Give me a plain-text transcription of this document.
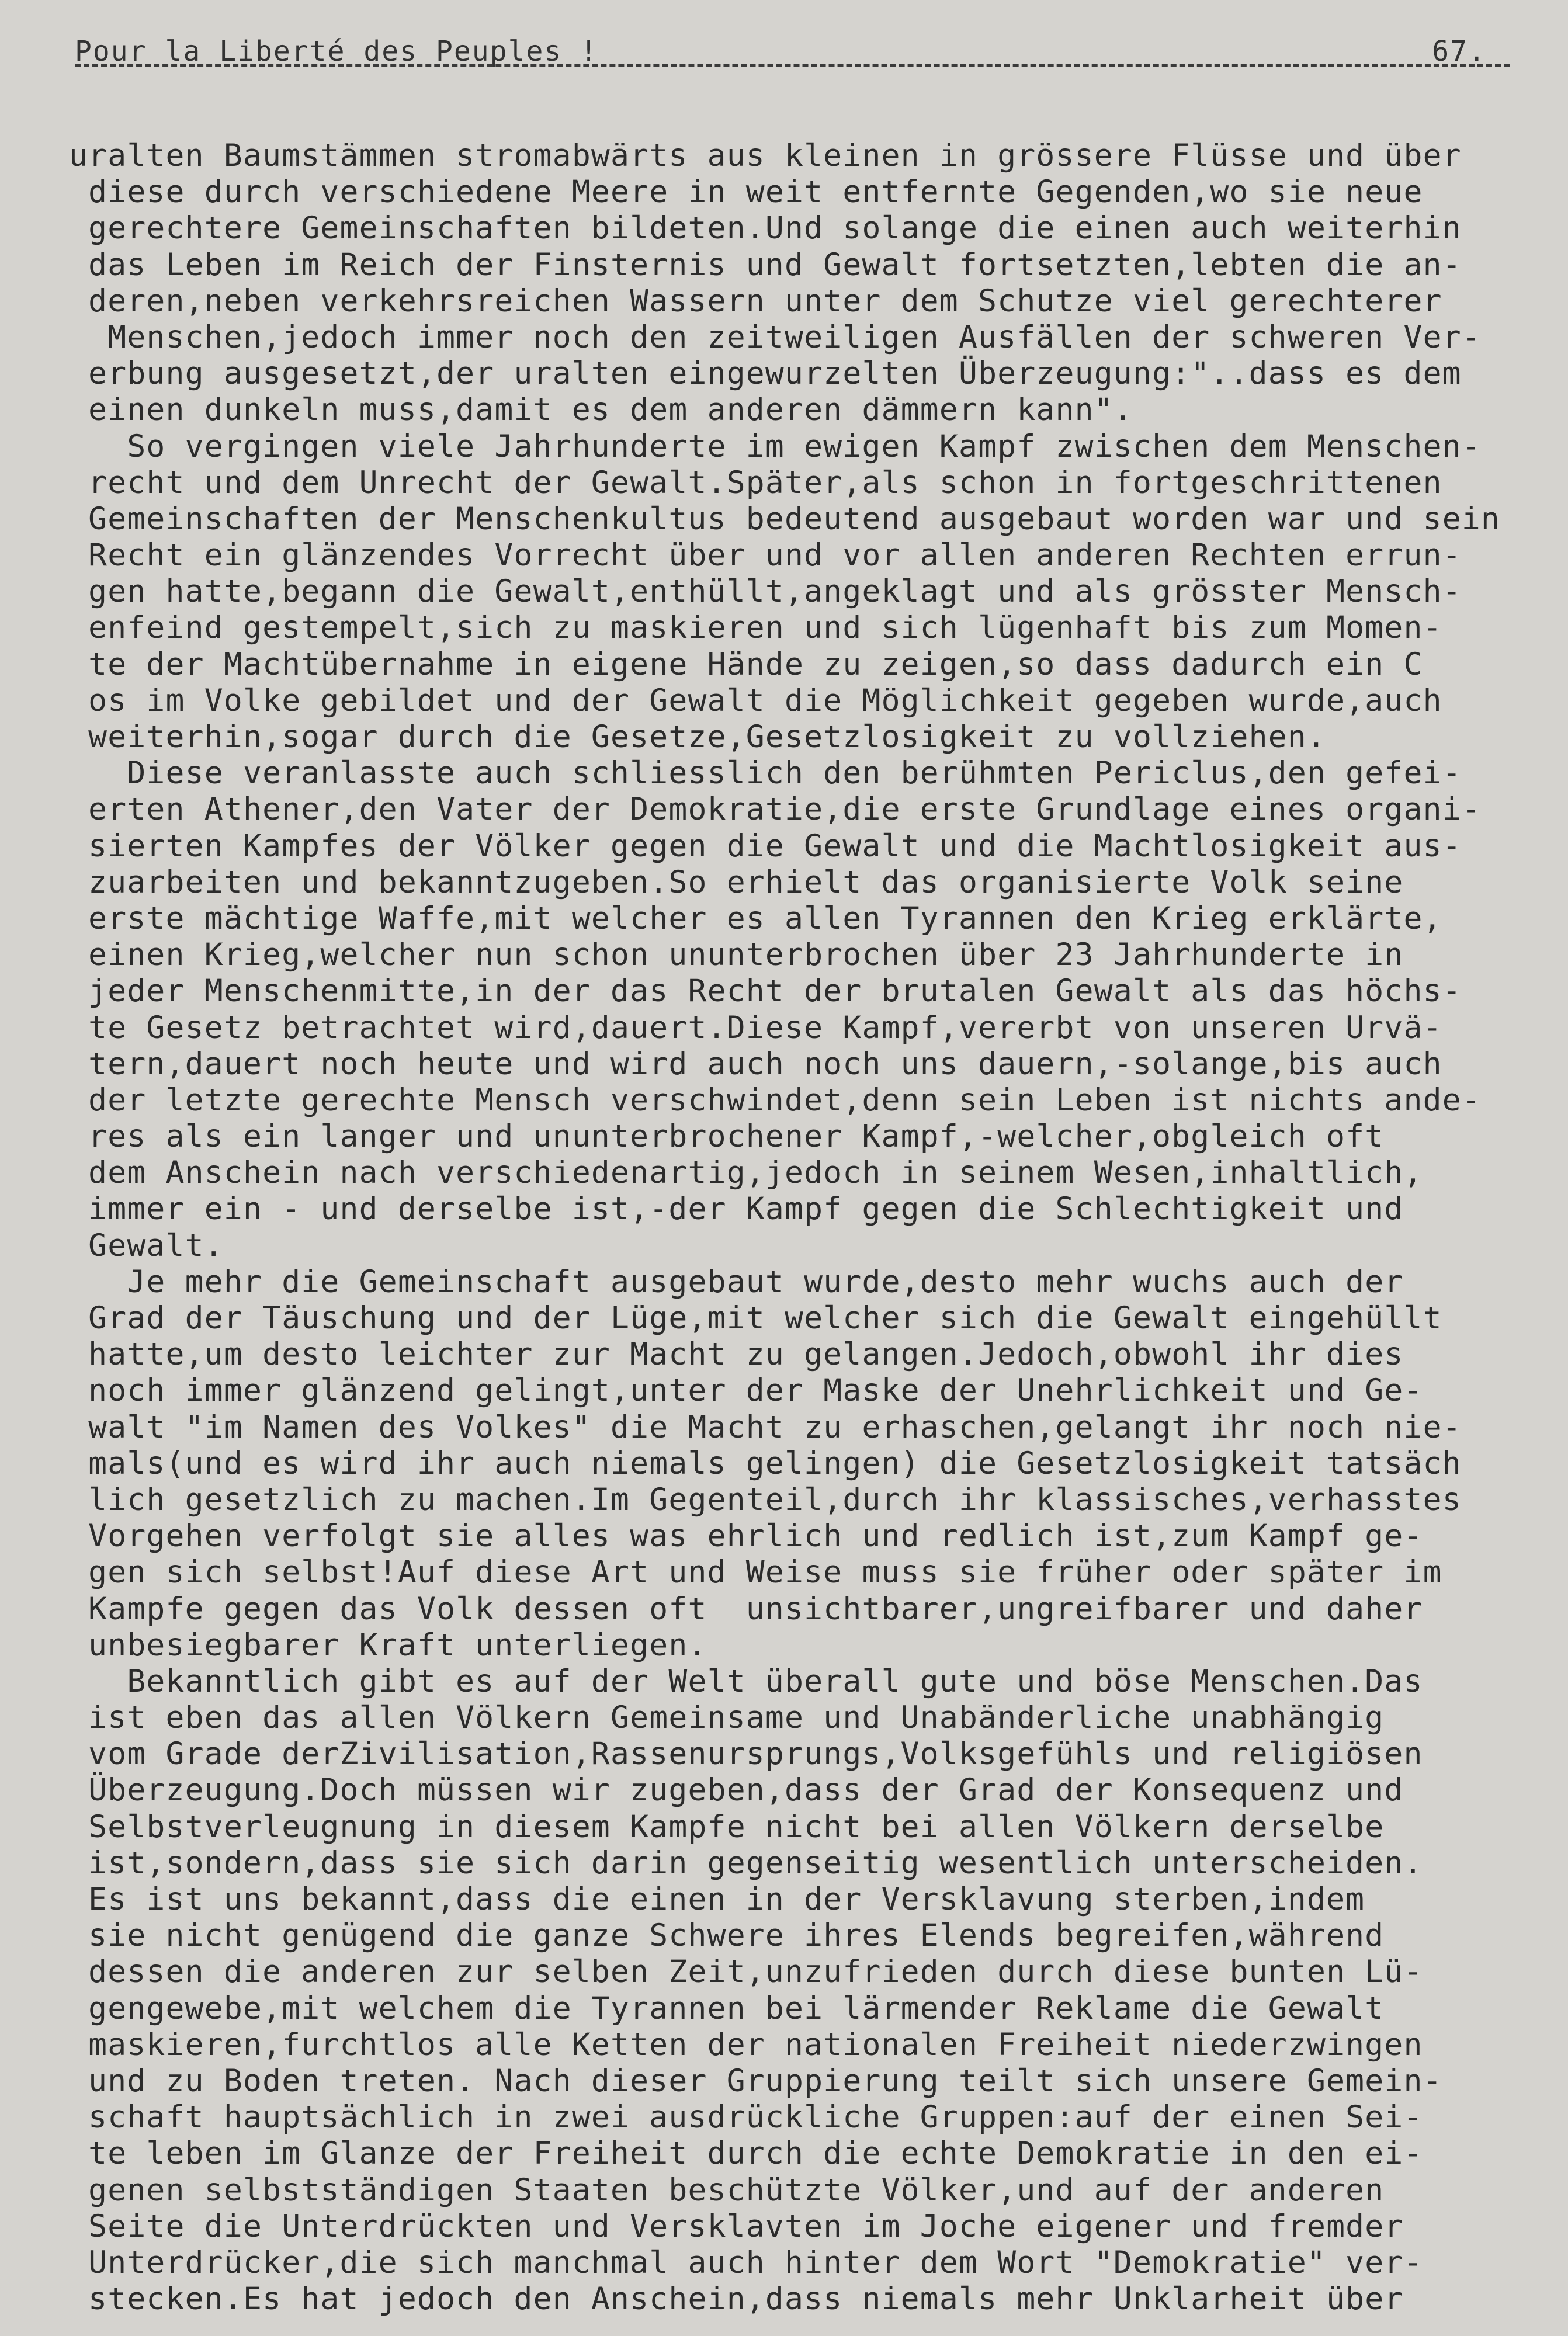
Pour la Liberté des Peuples !	67.
uralten Baumstämmen stromabwärts aus kleinen in grössere Flüsse und über
diese durch verschiedene Meere in weit entfernte Gegenden,wo sie neue
gerechtere Gemeinschaften bildeten.Und solange die einen auch weiterhin
das Leben im Reich der Finsternis und Gewalt fortsetzten,lebten die an-
deren,neben verkehrsreichen Wassern unter dem Schutze viel gerechterer
Menschen,jedoch immer noch den zeitweiligen Ausfällen der schweren Ver-
erbung ausgesetzt,der uralten eingewurzelten Überzeugung:"..dass es dem
einen dunkeln muss,damit es dem anderen dämmern kann".
So vergingen viele Jahrhunderte im ewigen Kampf zwischen dem Menschen-
recht und dem Unrecht der Gewalt.Später,als schon in fortgeschrittenen
Gemeinschaften der Menschenkultus bedeutend ausgebaut worden war und sein
Recht ein glänzendes Vorrecht über und vor allen anderen Rechten errun-
gen hatte,begann die Gewalt,enthüllt,angeklagt und als grösster Mensch-
enfeind gestempelt,sich zu maskieren und sich lügenhaft bis zum Momen-
te der Machtübernahme in eigene Hände zu zeigen,so dass dadurch ein C
os im Volke gebildet und der Gewalt die Möglichkeit gegeben wurde,auch
weiterhin,sogar durch die Gesetze,Gesetzlosigkeit zu vollziehen.
Diese veranlasste auch schliesslich den berühmten Periclus,den gefei-
erten Athener,den Vater der Demokratie,die erste Grundlage eines organi-
sierten Kampfes der Völker gegen die Gewalt und die Machtlosigkeit aus-
zuarbeiten und bekanntzugeben.So erhielt das organisierte Volk seine
erste mächtige Waffe,mit welcher es allen Tyrannen den Krieg erklärte,
einen Krieg,welcher nun schon ununterbrochen über 23 Jahrhunderte in
jeder Menschenmitte,in der das Recht der brutalen Gewalt als das höchs-
te Gesetz betrachtet wird,dauert.Diese Kampf,vererbt von unseren Urvä-
tern,dauert noch heute und wird auch noch uns dauern,-solange,bis auch
der letzte gerechte Mensch verschwindet,denn sein Leben ist nichts ande-
res als ein langer und ununterbrochener Kampf,-welcher,obgleich oft
dem Anschein nach verschiedenartig,jedoch in seinem Wesen,inhaltlich,
immer ein - und derselbe ist,-der Kampf gegen die Schlechtigkeit und
Gewalt.
Je mehr die Gemeinschaft ausgebaut wurde,desto mehr wuchs auch der
Grad der Täuschung und der Lüge,mit welcher sich die Gewalt eingehüllt
hatte,um desto leichter zur Macht zu gelangen.Jedoch,obwohl ihr dies
noch immer glänzend gelingt,unter der Maske der Unehrlichkeit und Ge-
walt "im Namen des Volkes" die Macht zu erhaschen,gelangt ihr noch nie-
mals(und es wird ihr auch niemals gelingen) die Gesetzlosigkeit tatsäch
lich gesetzlich zu machen.Im Gegenteil,durch ihr klassisches,verhasstes
Vorgehen verfolgt sie alles was ehrlich und redlich ist,zum Kampf ge-
gen sich selbst!Auf diese Art und Weise muss sie früher oder später im
Kampfe gegen das Volk dessen oft  unsichtbarer,ungreifbarer und daher
unbesiegbarer Kraft unterliegen.
Bekanntlich gibt es auf der Welt überall gute und böse Menschen.Das
ist eben das allen Völkern Gemeinsame und Unabänderliche unabhängig
vom Grade derZivilisation,Rassenursprungs,Volksgefühls und religiösen
Überzeugung.Doch müssen wir zugeben,dass der Grad der Konsequenz und
Selbstverleugnung in diesem Kampfe nicht bei allen Völkern derselbe
ist,sondern,dass sie sich darin gegenseitig wesentlich unterscheiden.
Es ist uns bekannt,dass die einen in der Versklavung sterben,indem
sie nicht genügend die ganze Schwere ihres Elends begreifen,während
dessen die anderen zur selben Zeit,unzufrieden durch diese bunten Lü-
gengewebe,mit welchem die Tyrannen bei lärmender Reklame die Gewalt
maskieren,furchtlos alle Ketten der nationalen Freiheit niederzwingen
und zu Boden treten. Nach dieser Gruppierung teilt sich unsere Gemein-
schaft hauptsächlich in zwei ausdrückliche Gruppen:auf der einen Sei-
te leben im Glanze der Freiheit durch die echte Demokratie in den ei-
genen selbstständigen Staaten beschützte Völker,und auf der anderen
Seite die Unterdrückten und Versklavten im Joche eigener und fremder
Unterdrücker,die sich manchmal auch hinter dem Wort "Demokratie" ver-
stecken.Es hat jedoch den Anschein,dass niemals mehr Unklarheit über
